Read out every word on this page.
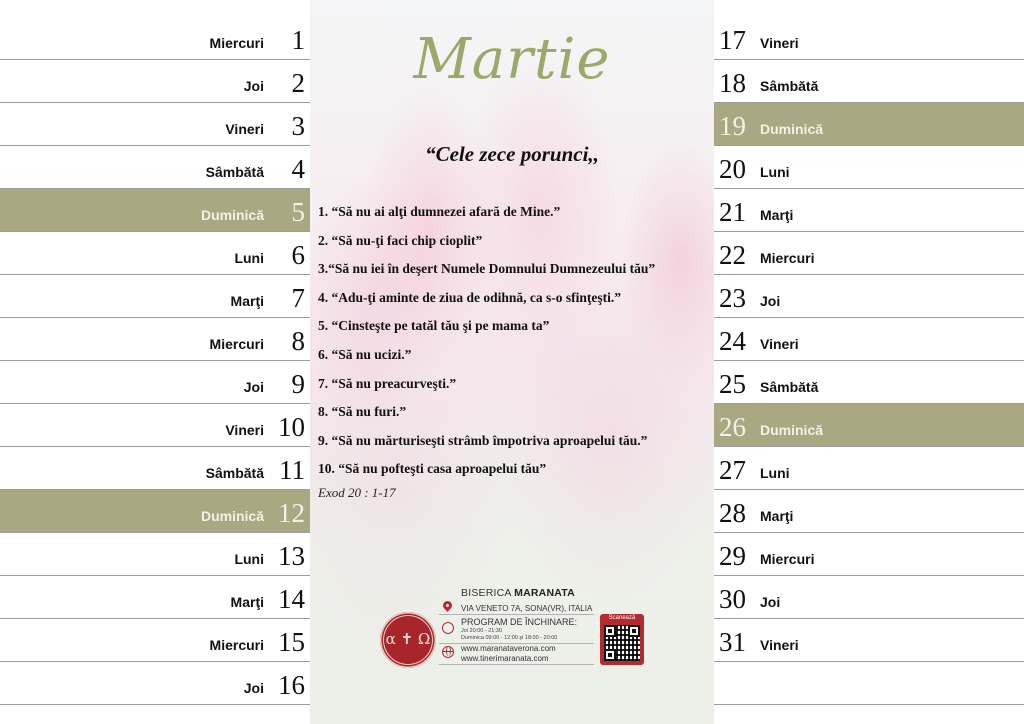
1
Miercuri
2
Joi
3
Vineri
4
Sâmbătă
5
Duminică
6
Luni
7
Marţi
8
Miercuri
9
Joi
10
Vineri
11
Sâmbătă
12
Duminică
13
Luni
14
Marţi
15
Miercuri
16
Joi
Martie
“Cele zece porunci,,
1. “Să nu ai alţi dumnezei afară de Mine.”
2. “Să nu-ţi faci chip cioplit”
3.“Să nu iei în deşert Numele Domnului Dumnezeului tău”
4. “Adu-ţi aminte de ziua de odihnă, ca s-o sfinţeşti.”
5. “Cinsteşte pe tatăl tău şi pe mama ta”
6. “Să nu ucizi.”
7. “Să nu preacurveşti.”
8. “Să nu furi.”
9. “Să nu mărturiseşti strâmb împotriva aproapelui tău.”
10. “Să nu pofteşti casa aproapelui tău”
Exod 20 : 1-17
α ✝ Ω
BISERICA MARANATA
VIA VENETO 7A, SONA(VR), ITALIA
PROGRAM DE ÎNCHINARE:
Joi 20:00 - 21:30
Duminica 09:00 - 12:00 și 18:00 - 20:00
www.maranataverona.com
www.tinerimaranata.com
Scanează
17 Vineri
18 Sâmbătă
19 Duminică
20 Luni
21 Marţi
22 Miercuri
23 Joi
24 Vineri
25 Sâmbătă
26 Duminică
27 Luni
28 Marţi
29 Miercuri
30 Joi
31 Vineri
